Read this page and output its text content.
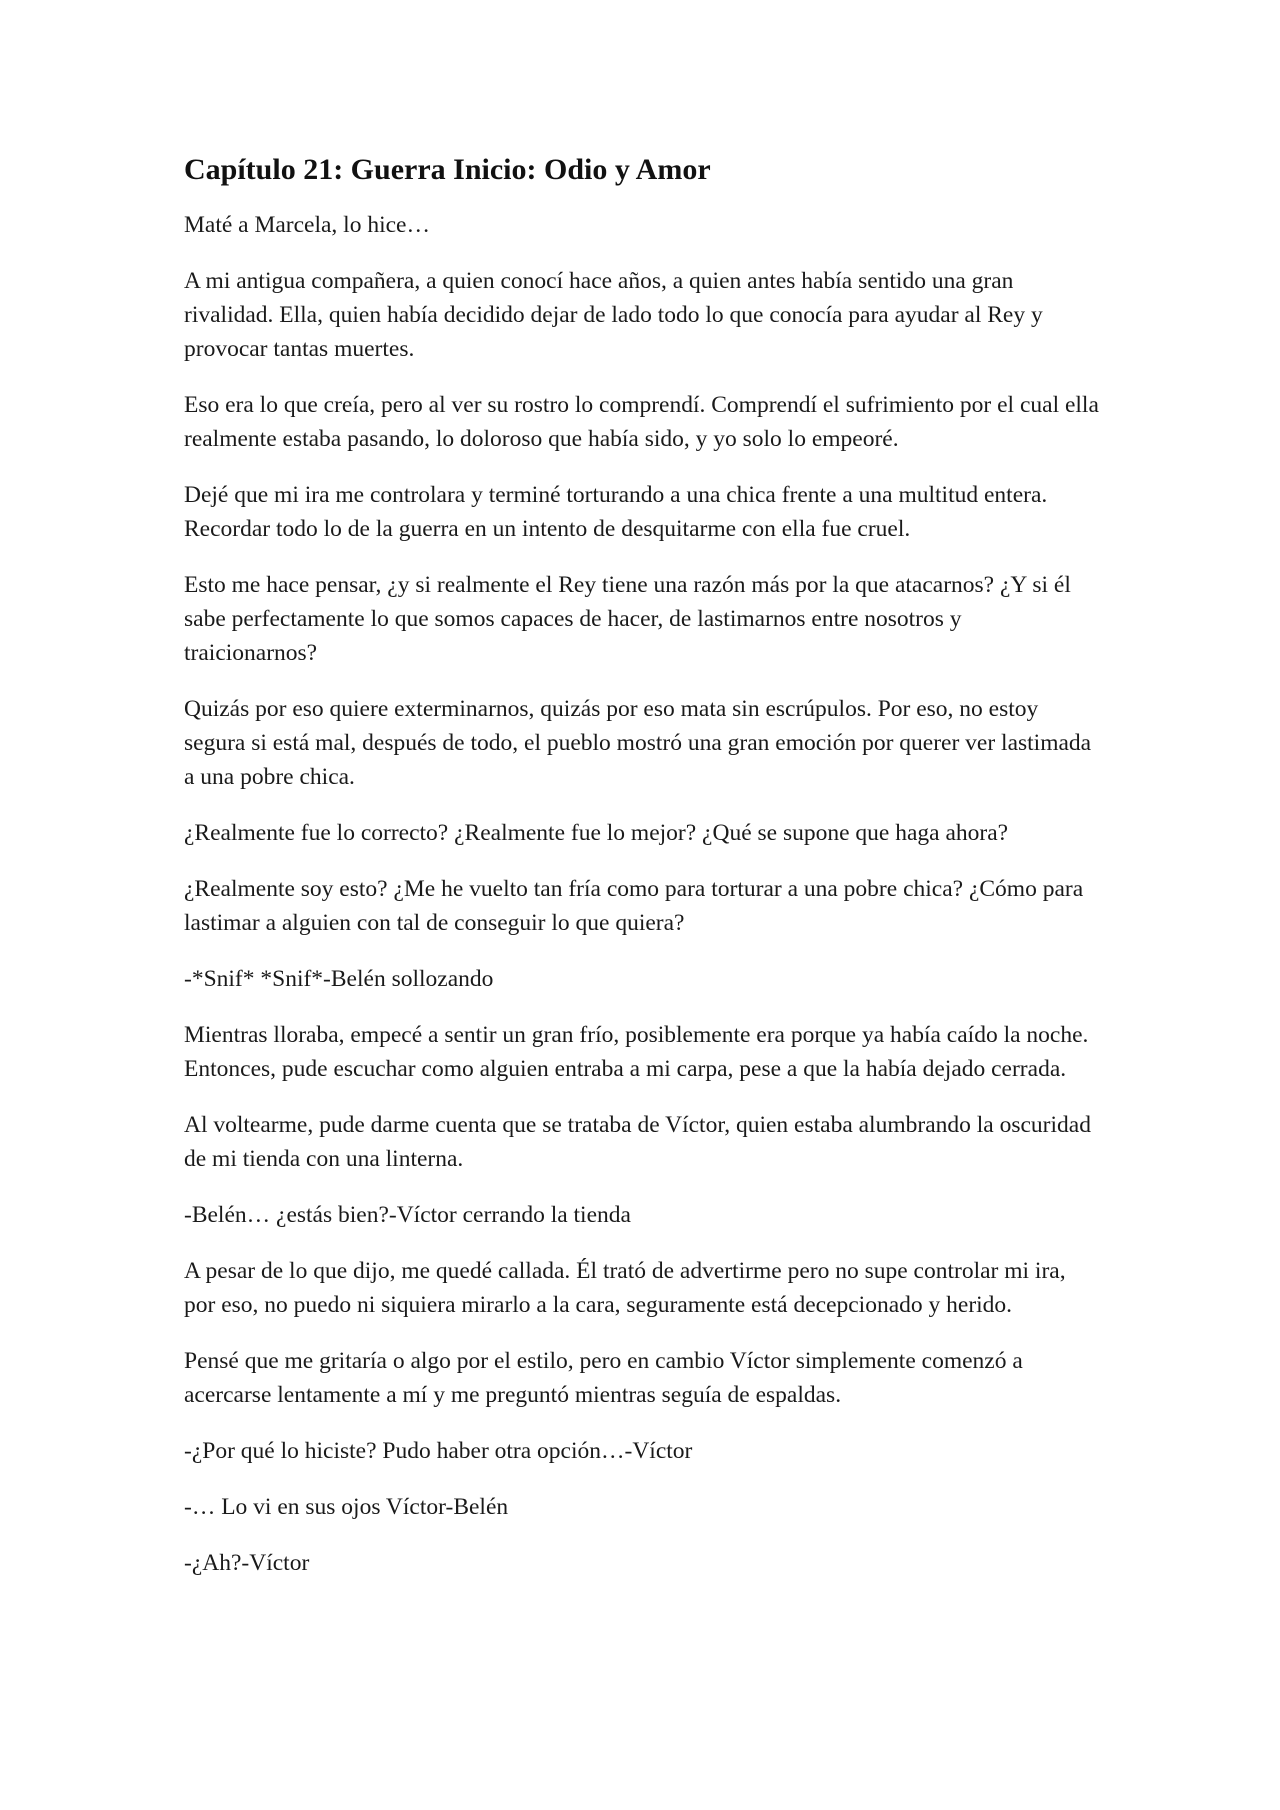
Capítulo 21: Guerra Inicio: Odio y Amor

Maté a Marcela, lo hice…

A mi antigua compañera, a quien conocí hace años, a quien antes había sentido una gran rivalidad. Ella, quien había decidido dejar de lado todo lo que conocía para ayudar al Rey y provocar tantas muertes.

Eso era lo que creía, pero al ver su rostro lo comprendí. Comprendí el sufrimiento por el cual ella realmente estaba pasando, lo doloroso que había sido, y yo solo lo empeoré.

Dejé que mi ira me controlara y terminé torturando a una chica frente a una multitud entera. Recordar todo lo de la guerra en un intento de desquitarme con ella fue cruel.

Esto me hace pensar, ¿y si realmente el Rey tiene una razón más por la que atacarnos? ¿Y si él sabe perfectamente lo que somos capaces de hacer, de lastimarnos entre nosotros y traicionarnos?

Quizás por eso quiere exterminarnos, quizás por eso mata sin escrúpulos. Por eso, no estoy segura si está mal, después de todo, el pueblo mostró una gran emoción por querer ver lastimada a una pobre chica.

¿Realmente fue lo correcto? ¿Realmente fue lo mejor? ¿Qué se supone que haga ahora?

¿Realmente soy esto? ¿Me he vuelto tan fría como para torturar a una pobre chica? ¿Cómo para lastimar a alguien con tal de conseguir lo que quiera?

-*Snif* *Snif*-Belén sollozando

Mientras lloraba, empecé a sentir un gran frío, posiblemente era porque ya había caído la noche. Entonces, pude escuchar como alguien entraba a mi carpa, pese a que la había dejado cerrada.

Al voltearme, pude darme cuenta que se trataba de Víctor, quien estaba alumbrando la oscuridad de mi tienda con una linterna.

-Belén… ¿estás bien?-Víctor cerrando la tienda

A pesar de lo que dijo, me quedé callada. Él trató de advertirme pero no supe controlar mi ira, por eso, no puedo ni siquiera mirarlo a la cara, seguramente está decepcionado y herido.

Pensé que me gritaría o algo por el estilo, pero en cambio Víctor simplemente comenzó a acercarse lentamente a mí y me preguntó mientras seguía de espaldas.

-¿Por qué lo hiciste? Pudo haber otra opción…-Víctor

-… Lo vi en sus ojos Víctor-Belén

-¿Ah?-Víctor
